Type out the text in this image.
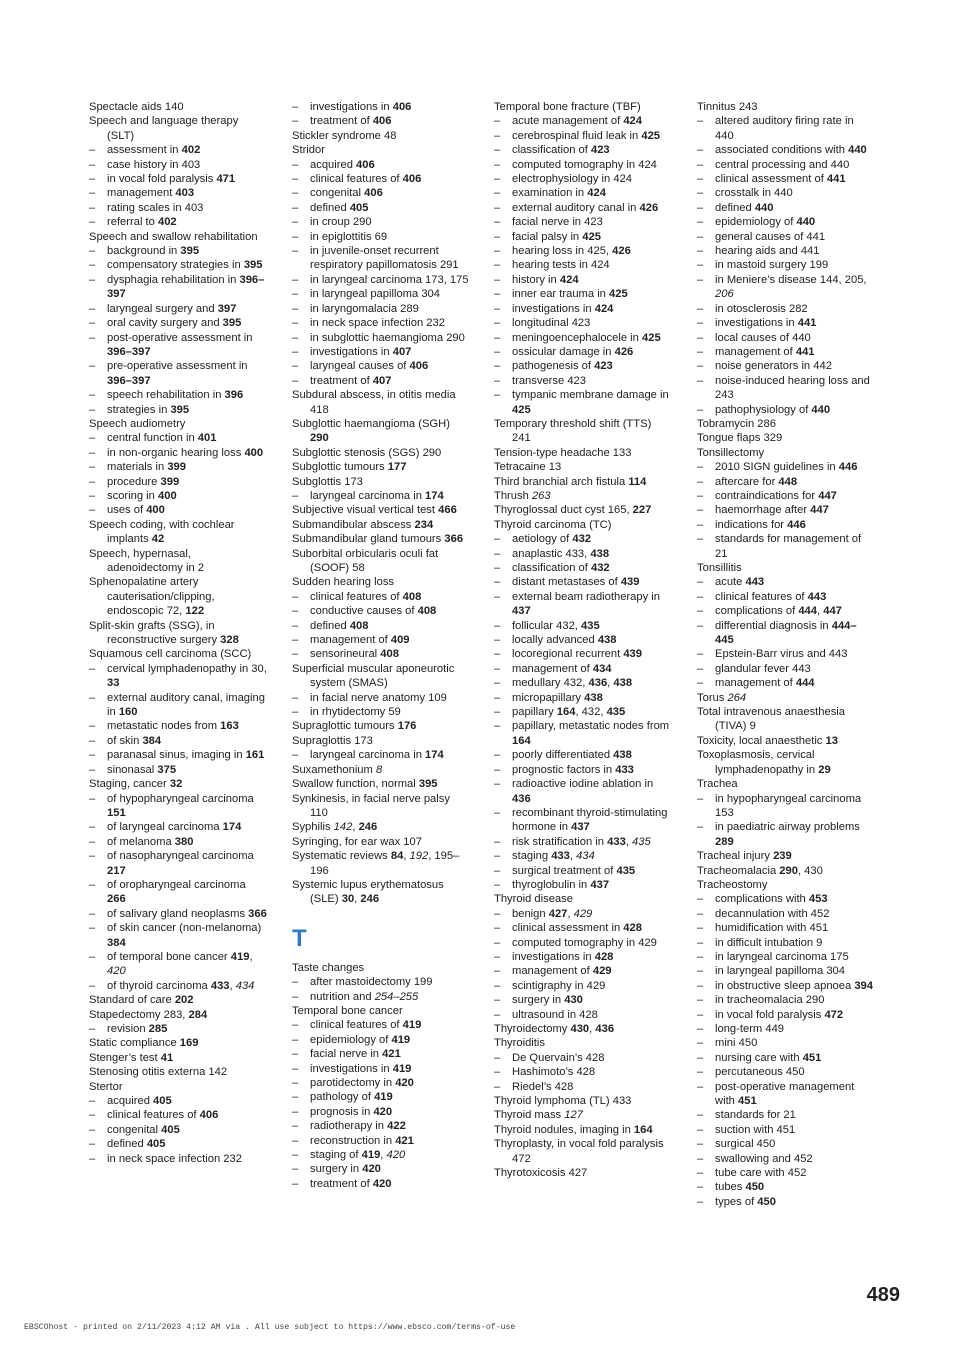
Spectacle aids 140
Speech and language therapy (SLT)
– assessment in 402
– case history in 403
– in vocal fold paralysis 471
– management 403
– rating scales in 403
– referral to 402
Speech and swallow rehabilitation
– background in 395
– compensatory strategies in 395
– dysphagia rehabilitation in 396–397
– laryngeal surgery and 397
– oral cavity surgery and 395
– post-operative assessment in 396–397
– pre-operative assessment in 396–397
– speech rehabilitation in 396
– strategies in 395
Speech audiometry
– central function in 401
– in non-organic hearing loss 400
– materials in 399
– procedure 399
– scoring in 400
– uses of 400
Speech coding, with cochlear implants 42
Speech, hypernasal, adenoidectomy in 2
Sphenopalatine artery cauterisation/clipping, endoscopic 72, 122
Split-skin grafts (SSG), in reconstructive surgery 328
Squamous cell carcinoma (SCC)
– cervical lymphadenopathy in 30, 33
– external auditory canal, imaging in 160
– metastatic nodes from 163
– of skin 384
– paranasal sinus, imaging in 161
– sinonasal 375
Staging, cancer 32
– of hypopharyngeal carcinoma 151
– of laryngeal carcinoma 174
– of melanoma 380
– of nasopharyngeal carcinoma 217
– of oropharyngeal carcinoma 266
– of salivary gland neoplasms 366
– of skin cancer (non-melanoma) 384
– of temporal bone cancer 419, 420
– of thyroid carcinoma 433, 434
Standard of care 202
Stapedectomy 283, 284
– revision 285
Static compliance 169
Stenger’s test 41
Stenosing otitis externa 142
Stertor
– acquired 405
– clinical features of 406
– congenital 405
– defined 405
– in neck space infection 232
– investigations in 406
– treatment of 406
Stickler syndrome 48
Stridor
– acquired 406
– clinical features of 406
– congenital 406
– defined 405
– in croup 290
– in epiglottitis 69
– in juvenile-onset recurrent respiratory papillomatosis 291
– in laryngeal carcinoma 173, 175
– in laryngeal papilloma 304
– in laryngomalacia 289
– in neck space infection 232
– in subglottic haemangioma 290
– investigations in 407
– laryngeal causes of 406
– treatment of 407
Subdural abscess, in otitis media 418
Subglottic haemangioma (SGH) 290
Subglottic stenosis (SGS) 290
Subglottic tumours 177
Subglottis 173
– laryngeal carcinoma in 174
Subjective visual vertical test 466
Submandibular abscess 234
Submandibular gland tumours 366
Suborbital orbicularis oculi fat (SOOF) 58
Sudden hearing loss
– clinical features of 408
– conductive causes of 408
– defined 408
– management of 409
– sensorineural 408
Superficial muscular aponeurotic system (SMAS)
– in facial nerve anatomy 109
– in rhytidectomy 59
Supraglottic tumours 176
Supraglottis 173
– laryngeal carcinoma in 174
Suxamethonium 8
Swallow function, normal 395
Synkinesis, in facial nerve palsy 110
Syphilis 142, 246
Syringing, for ear wax 107
Systematic reviews 84, 192, 195–196
Systemic lupus erythematosus (SLE) 30, 246
T
Taste changes
– after mastoidectomy 199
– nutrition and 254–255
Temporal bone cancer
– clinical features of 419
– epidemiology of 419
– facial nerve in 421
– investigations in 419
– parotidectomy in 420
– pathology of 419
– prognosis in 420
– radiotherapy in 422
– reconstruction in 421
– staging of 419, 420
– surgery in 420
– treatment of 420
Temporal bone fracture (TBF)
– acute management of 424
– cerebrospinal fluid leak in 425
– classification of 423
– computed tomography in 424
– electrophysiology in 424
– examination in 424
– external auditory canal in 426
– facial nerve in 423
– facial palsy in 425
– hearing loss in 425, 426
– hearing tests in 424
– history in 424
– inner ear trauma in 425
– investigations in 424
– longitudinal 423
– meningoencephalocele in 425
– ossicular damage in 426
– pathogenesis of 423
– transverse 423
– tympanic membrane damage in 425
Temporary threshold shift (TTS) 241
Tension-type headache 133
Tetracaine 13
Third branchial arch fistula 114
Thrush 263
Thyroglossal duct cyst 165, 227
Thyroid carcinoma (TC)
– aetiology of 432
– anaplastic 433, 438
– classification of 432
– distant metastases of 439
– external beam radiotherapy in 437
– follicular 432, 435
– locally advanced 438
– locoregional recurrent 439
– management of 434
– medullary 432, 436, 438
– micropapillary 438
– papillary 164, 432, 435
– papillary, metastatic nodes from 164
– poorly differentiated 438
– prognostic factors in 433
– radioactive iodine ablation in 436
– recombinant thyroid-stimulating hormone in 437
– risk stratification in 433, 435
– staging 433, 434
– surgical treatment of 435
– thyroglobulin in 437
Thyroid disease
– benign 427, 429
– clinical assessment in 428
– computed tomography in 429
– investigations in 428
– management of 429
– scintigraphy in 429
– surgery in 430
– ultrasound in 428
Thyroidectomy 430, 436
Thyroiditis
– De Quervain’s 428
– Hashimoto’s 428
– Riedel’s 428
Thyroid lymphoma (TL) 433
Thyroid mass 127
Thyroid nodules, imaging in 164
Thyroplasty, in vocal fold paralysis 472
Thyrotoxicosis 427
Tinnitus 243
– altered auditory firing rate in 440
– associated conditions with 440
– central processing and 440
– clinical assessment of 441
– crosstalk in 440
– defined 440
– epidemiology of 440
– general causes of 441
– hearing aids and 441
– in mastoid surgery 199
– in Meniere’s disease 144, 205, 206
– in otosclerosis 282
– investigations in 441
– local causes of 440
– management of 441
– noise generators in 442
– noise-induced hearing loss and 243
– pathophysiology of 440
Tobramycin 286
Tongue flaps 329
Tonsillectomy
– 2010 SIGN guidelines in 446
– aftercare for 448
– contraindications for 447
– haemorrhage after 447
– indications for 446
– standards for management of 21
Tonsillitis
– acute 443
– clinical features of 443
– complications of 444, 447
– differential diagnosis in 444–445
– Epstein-Barr virus and 443
– glandular fever 443
– management of 444
Torus 264
Total intravenous anaesthesia (TIVA) 9
Toxicity, local anaesthetic 13
Toxoplasmosis, cervical lymphadenopathy in 29
Trachea
– in hypopharyngeal carcinoma 153
– in paediatric airway problems 289
Tracheal injury 239
Tracheomalacia 290, 430
Tracheostomy
– complications with 453
– decannulation with 452
– humidification with 451
– in difficult intubation 9
– in laryngeal carcinoma 175
– in laryngeal papilloma 304
– in obstructive sleep apnoea 394
– in tracheomalacia 290
– in vocal fold paralysis 472
– long-term 449
– mini 450
– nursing care with 451
– percutaneous 450
– post-operative management with 451
– standards for 21
– suction with 451
– surgical 450
– swallowing and 452
– tube care with 452
– tubes 450
– types of 450
489
EBSCOhost - printed on 2/11/2023 4:12 AM via . All use subject to https://www.ebsco.com/terms-of-use
